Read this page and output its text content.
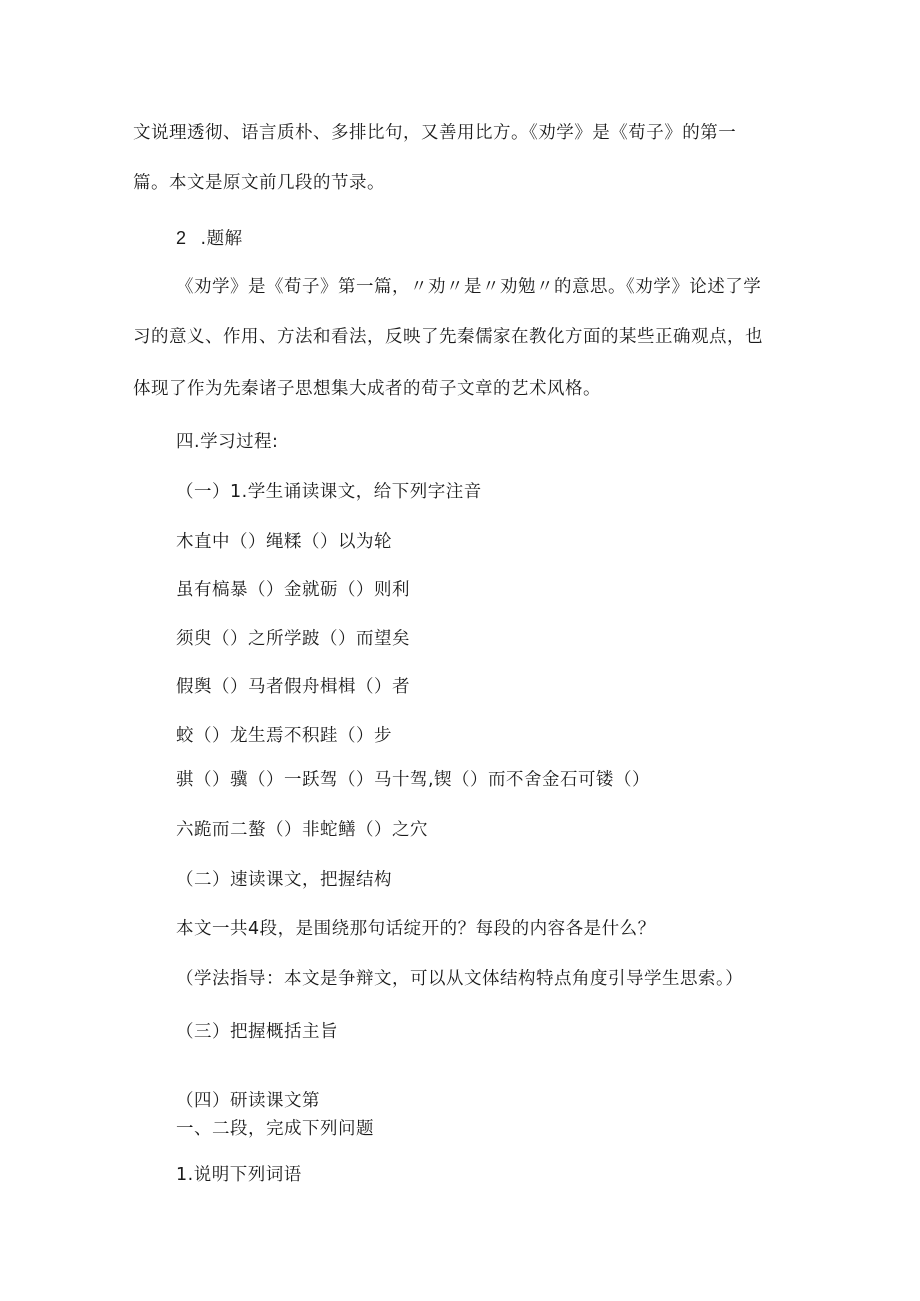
文说理透彻、语言质朴、多排比句，又善用比方。《劝学》是《荀子》的第一
篇。本文是原文前几段的节录。
2 .题解
《劝学》是《荀子》第一篇，〃劝〃是〃劝勉〃的意思。《劝学》论述了学
习的意义、作用、方法和看法，反映了先秦儒家在教化方面的某些正确观点，也
体现了作为先秦诸子思想集大成者的荀子文章的艺术风格。
四.学习过程:
（一）1.学生诵读课文，给下列字注音
木直中（）绳糅（）以为轮
虽有槁暴（）金就砺（）则利
须臾（）之所学跛（）而望矣
假舆（）马者假舟楫楫（）者
蛟（）龙生焉不积跬（）步
骐（）骥（）一跃驾（）马十驾,锲（）而不舍金石可镂（）
六跪而二螯（）非蛇鳝（）之穴
（二）速读课文，把握结构
本文一共4段，是围绕那句话绽开的？每段的内容各是什么？
（学法指导：本文是争辩文，可以从文体结构特点角度引导学生思索。）
（三）把握概括主旨
（四）研读课文第
一、二段，完成下列问题
1.说明下列词语
